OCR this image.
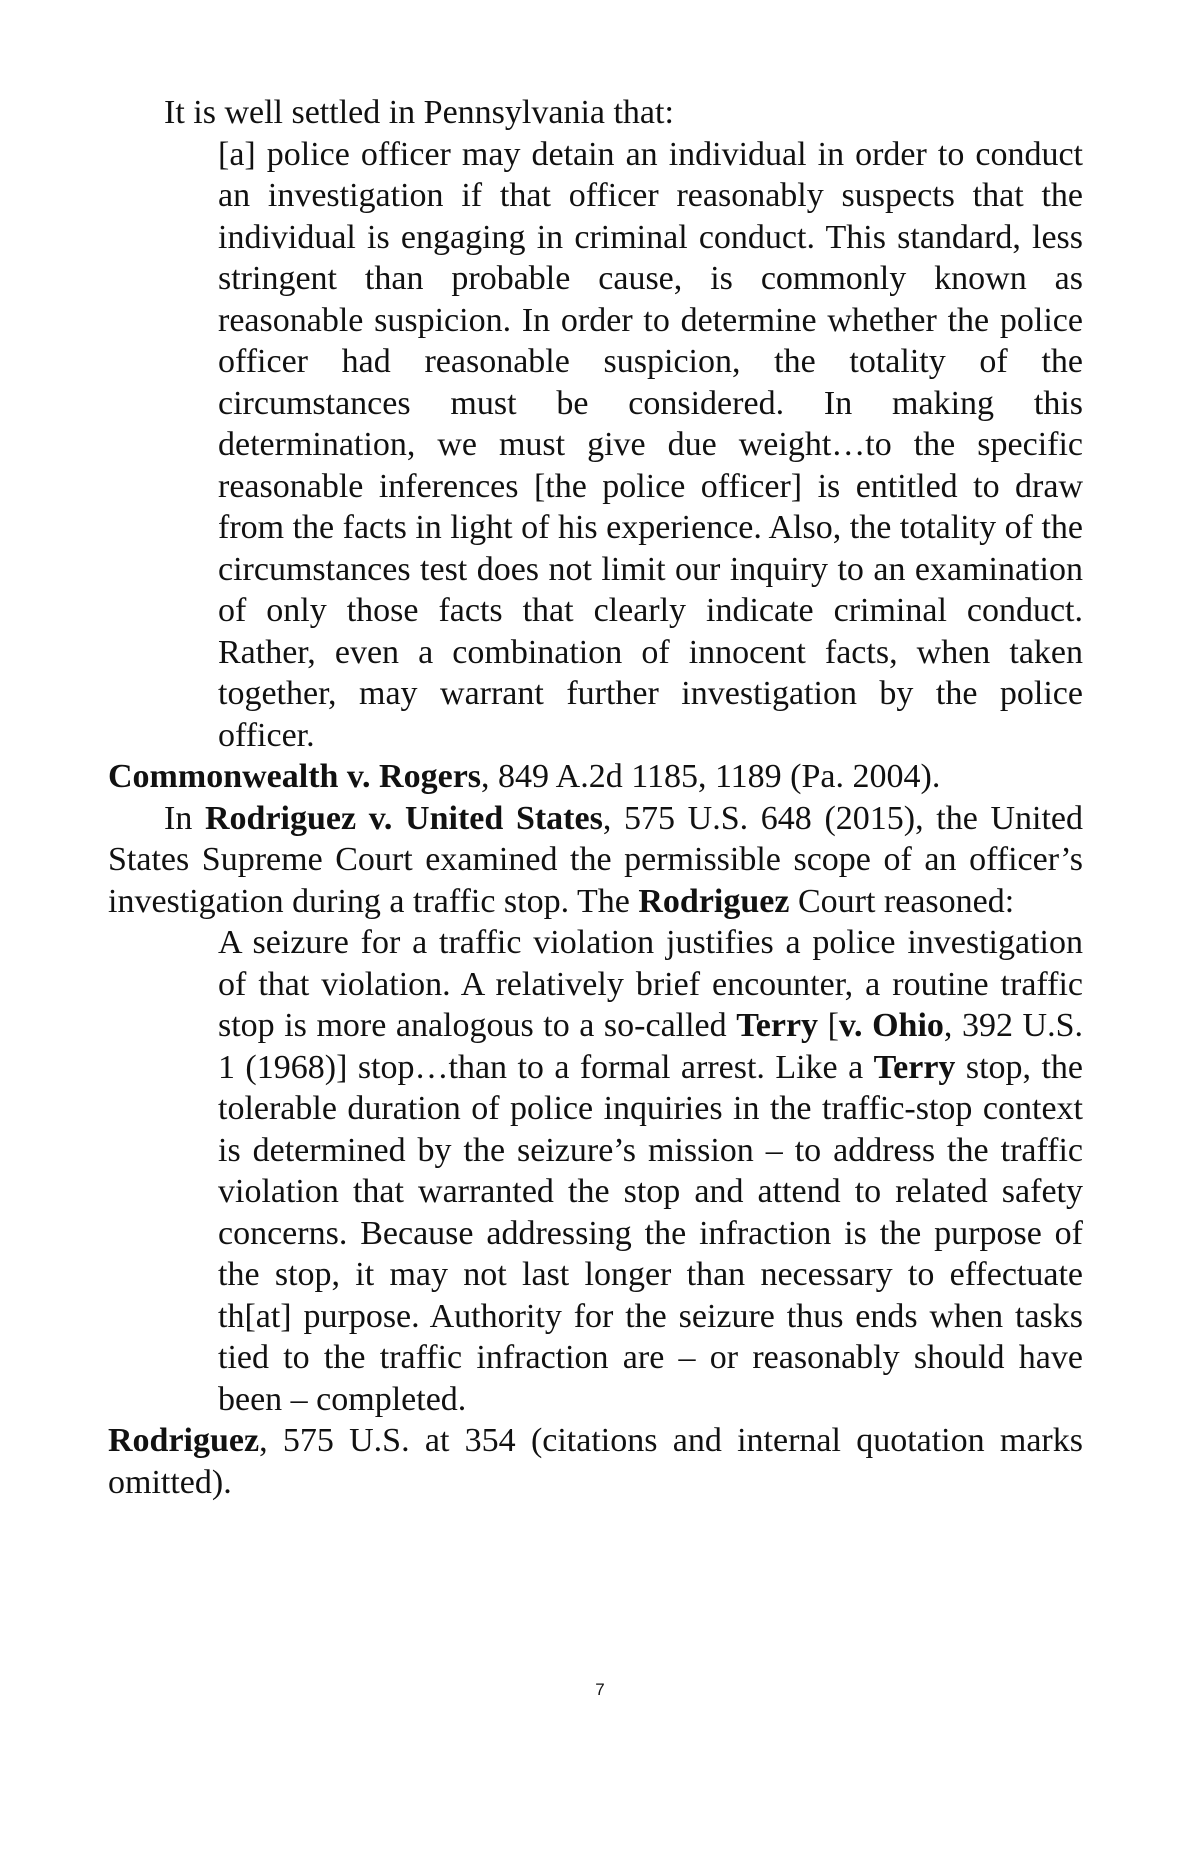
It is well settled in Pennsylvania that:

[a] police officer may detain an individual in order to conduct an investigation if that officer reasonably suspects that the individual is engaging in criminal conduct. This standard, less stringent than probable cause, is commonly known as reasonable suspicion. In order to determine whether the police officer had reasonable suspicion, the totality of the circumstances must be considered. In making this determination, we must give due weight…to the specific reasonable inferences [the police officer] is entitled to draw from the facts in light of his experience. Also, the totality of the circumstances test does not limit our inquiry to an examination of only those facts that clearly indicate criminal conduct. Rather, even a combination of innocent facts, when taken together, may warrant further investigation by the police officer.

Commonwealth v. Rogers, 849 A.2d 1185, 1189 (Pa. 2004).

In Rodriguez v. United States, 575 U.S. 648 (2015), the United States Supreme Court examined the permissible scope of an officer’s investigation during a traffic stop. The Rodriguez Court reasoned:

A seizure for a traffic violation justifies a police investigation of that violation. A relatively brief encounter, a routine traffic stop is more analogous to a so-called Terry [v. Ohio, 392 U.S. 1 (1968)] stop…than to a formal arrest. Like a Terry stop, the tolerable duration of police inquiries in the traffic-stop context is determined by the seizure’s mission – to address the traffic violation that warranted the stop and attend to related safety concerns. Because addressing the infraction is the purpose of the stop, it may not last longer than necessary to effectuate th[at] purpose. Authority for the seizure thus ends when tasks tied to the traffic infraction are – or reasonably should have been – completed.

Rodriguez, 575 U.S. at 354 (citations and internal quotation marks omitted).

7
